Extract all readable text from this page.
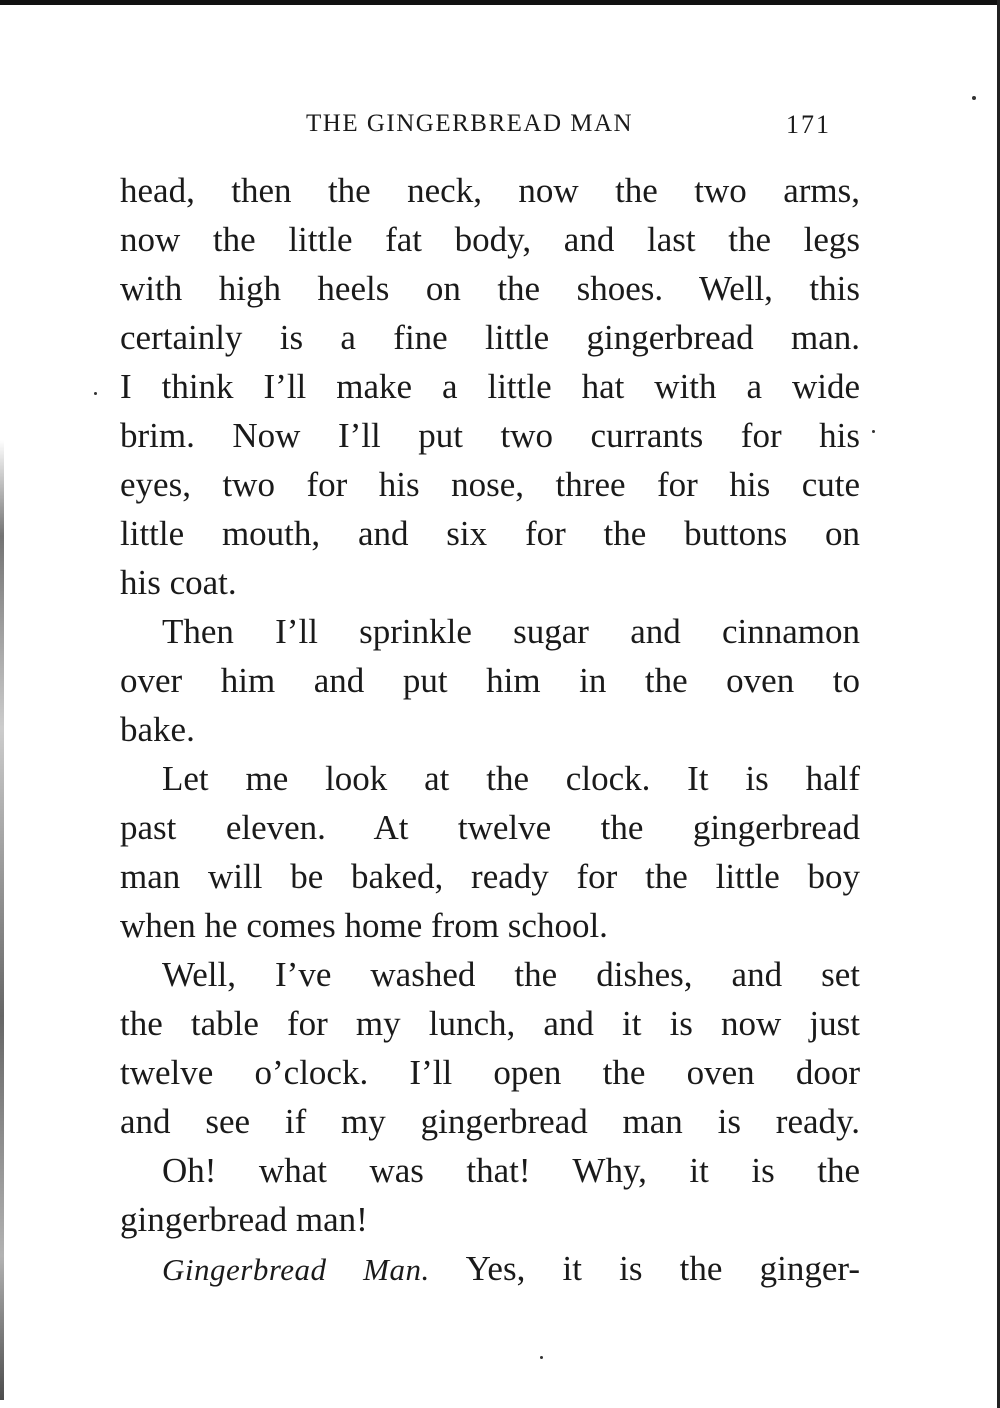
THE GINGERBREAD MAN	171
head, then the neck, now the two arms,
now the little fat body, and last the legs
with high heels on the shoes. Well, this
certainly is a fine little gingerbread man.
I think I’ll make a little hat with a wide
brim. Now I’ll put two currants for his
eyes, two for his nose, three for his cute
little mouth, and six for the buttons on
his coat.
Then I’ll sprinkle sugar and cinnamon
over him and put him in the oven to
bake.
Let me look at the clock. It is half
past eleven. At twelve the gingerbread
man will be baked, ready for the little boy
when he comes home from school.
Well, I’ve washed the dishes, and set
the table for my lunch, and it is now just
twelve o’clock. I’ll open the oven door
and see if my gingerbread man is ready.
Oh! what was that! Why, it is the
gingerbread man!
Gingerbread Man. Yes, it is the ginger-
